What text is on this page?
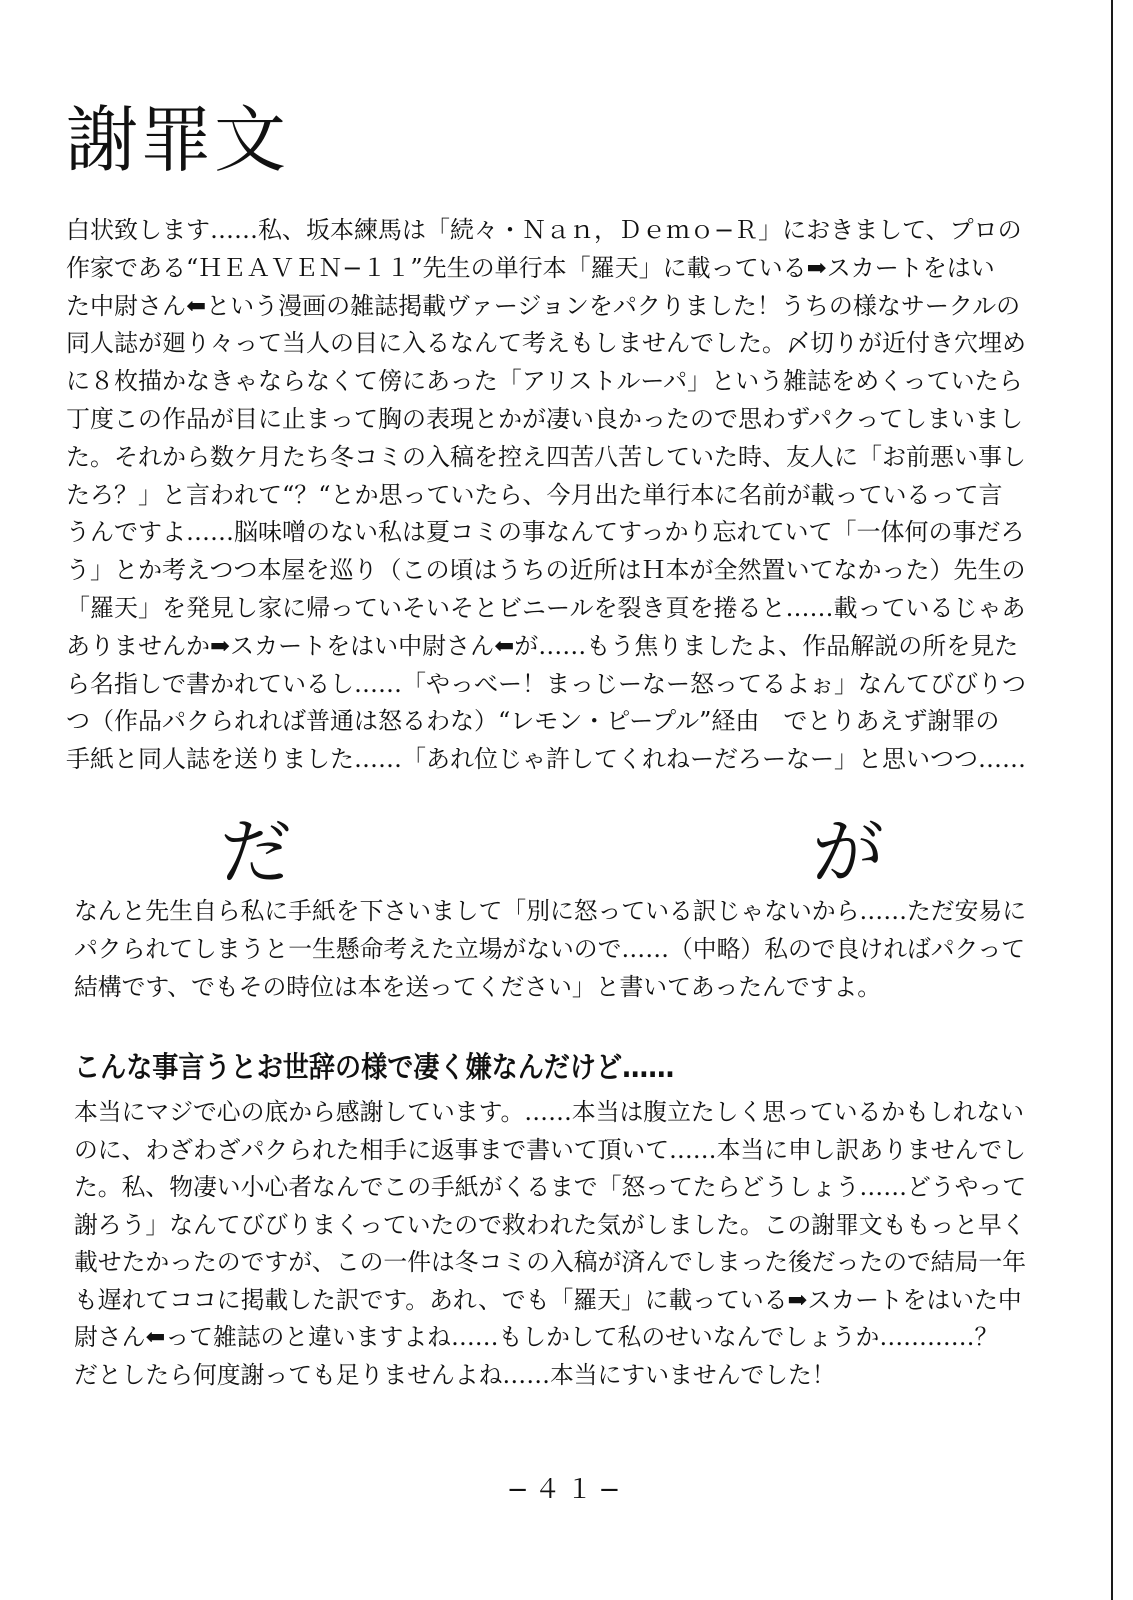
謝罪文
白状致します……私、坂本練馬は「続々・Ｎａｎ，Ｄｅｍｏ−Ｒ」におきまして、プロの
作家である“ＨＥＡＶＥＮ−１１”先生の単行本「羅天」に載っている➡スカートをはい
た中尉さん⬅という漫画の雑誌掲載ヴァージョンをパクりました！うちの様なサークルの
同人誌が廻り々って当人の目に入るなんて考えもしませんでした。〆切りが近付き穴埋め
に８枚描かなきゃならなくて傍にあった「アリストルーパ」という雑誌をめくっていたら
丁度この作品が目に止まって胸の表現とかが凄い良かったので思わずパクってしまいまし
た。それから数ケ月たち冬コミの入稿を控え四苦八苦していた時、友人に「お前悪い事し
たろ？」と言われて“？“とか思っていたら、今月出た単行本に名前が載っているって言
うんですよ……脳味噌のない私は夏コミの事なんてすっかり忘れていて「一体何の事だろ
う」とか考えつつ本屋を巡り（この頃はうちの近所はＨ本が全然置いてなかった）先生の
「羅天」を発見し家に帰っていそいそとビニールを裂き頁を捲ると……載っているじゃあ
ありませんか➡スカートをはい中尉さん⬅が……もう焦りましたよ、作品解説の所を見た
ら名指しで書かれているし……「やっべー！まっじーなー怒ってるよぉ」なんてびびりつ
つ（作品パクられれば普通は怒るわな）“レモン・ピープル”経由　でとりあえず謝罪の
手紙と同人誌を送りました……「あれ位じゃ許してくれねーだろーなー」と思いつつ……
だ	が
なんと先生自ら私に手紙を下さいまして「別に怒っている訳じゃないから……ただ安易に
パクられてしまうと一生懸命考えた立場がないので……（中略）私ので良ければパクって
結構です、でもその時位は本を送ってください」と書いてあったんですよ。
こんな事言うとお世辞の様で凄く嫌なんだけど……
本当にマジで心の底から感謝しています。……本当は腹立たしく思っているかもしれない
のに、わざわざパクられた相手に返事まで書いて頂いて……本当に申し訳ありませんでし
た。私、物凄い小心者なんでこの手紙がくるまで「怒ってたらどうしょう……どうやって
謝ろう」なんてびびりまくっていたので救われた気がしました。この謝罪文ももっと早く
載せたかったのですが、この一件は冬コミの入稿が済んでしまった後だったので結局一年
も遅れてココに掲載した訳です。あれ、でも「羅天」に載っている➡スカートをはいた中
尉さん⬅って雑誌のと違いますよね……もしかして私のせいなんでしょうか…………？
だとしたら何度謝っても足りませんよね……本当にすいませんでした！
−４１−
